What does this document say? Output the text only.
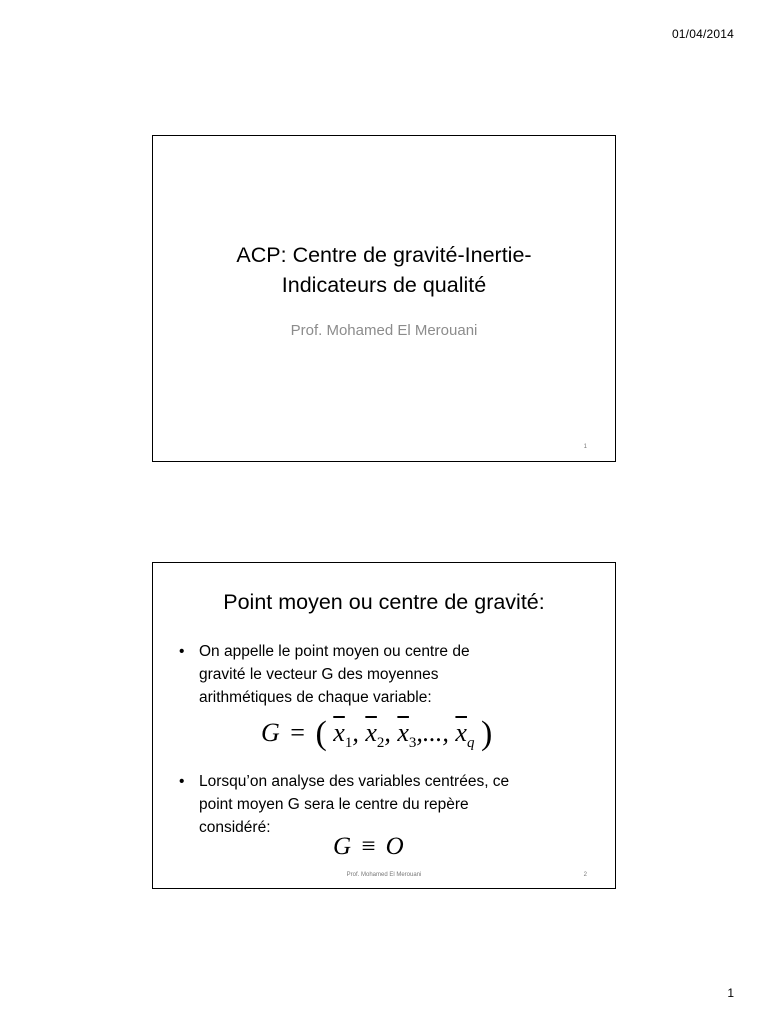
01/04/2014
ACP: Centre de gravité-Inertie-
Indicateurs de qualité
Prof. Mohamed El Merouani
1
Point moyen ou centre de gravité:
• On appelle le point moyen ou centre de
gravité le vecteur G des moyennes
arithmétiques de chaque variable:
G = ( $\overline{x}_1$, $\overline{x}_2$, $\overline{x}_3$,..., $\overline{x}_q$ )
• Lorsqu’on analyse des variables centrées, ce
point moyen G sera le centre du repère
considéré:
G ≡ O
Prof. Mohamed El Merouani	2
1
